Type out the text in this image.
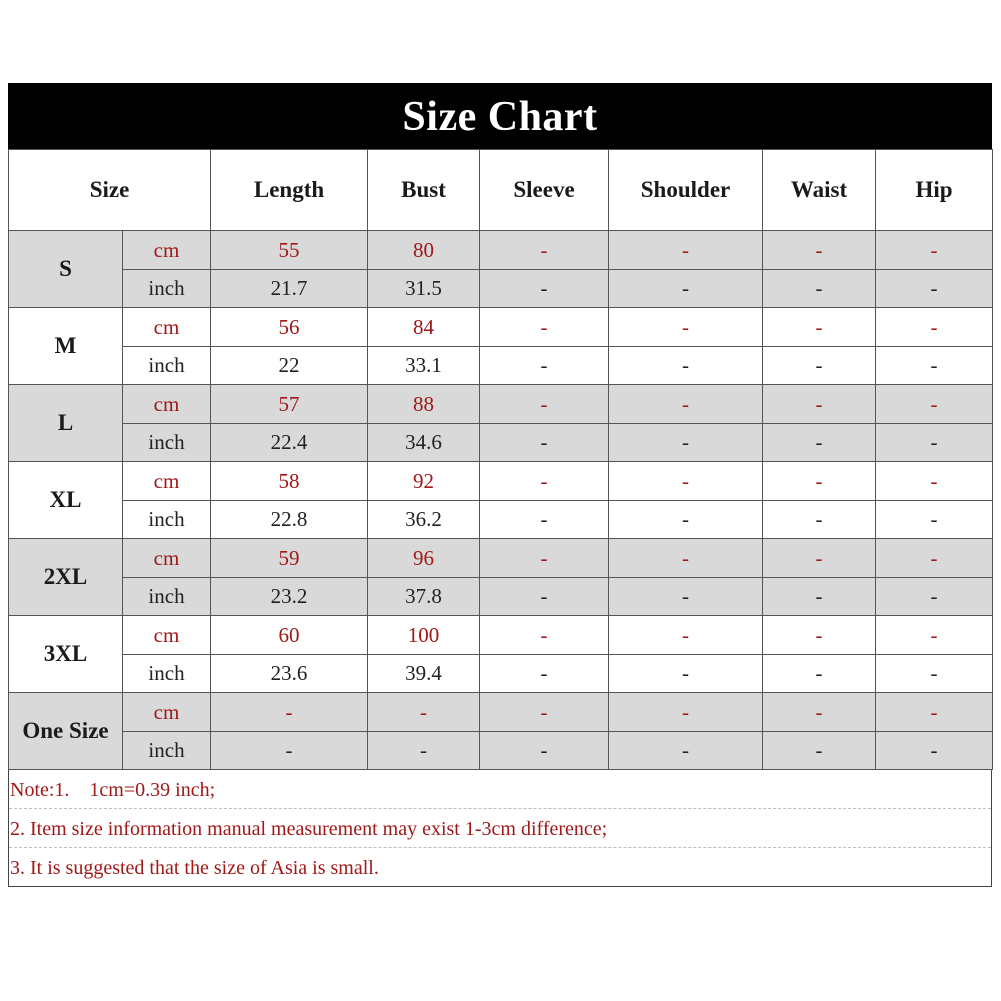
Size Chart
Size		Length	Bust	Sleeve	Shoulder	Waist	Hip
S	cm	55	80	-	-	-	-
	inch	21.7	31.5	-	-	-	-
M	cm	56	84	-	-	-	-
	inch	22	33.1	-	-	-	-
L	cm	57	88	-	-	-	-
	inch	22.4	34.6	-	-	-	-
XL	cm	58	92	-	-	-	-
	inch	22.8	36.2	-	-	-	-
2XL	cm	59	96	-	-	-	-
	inch	23.2	37.8	-	-	-	-
3XL	cm	60	100	-	-	-	-
	inch	23.6	39.4	-	-	-	-
One Size	cm	-	-	-	-	-	-
	inch	-	-	-	-	-	-
Note:1.    1cm=0.39 inch;
2. Item size information manual measurement may exist 1-3cm difference;
3. It is suggested that the size of Asia is small.
